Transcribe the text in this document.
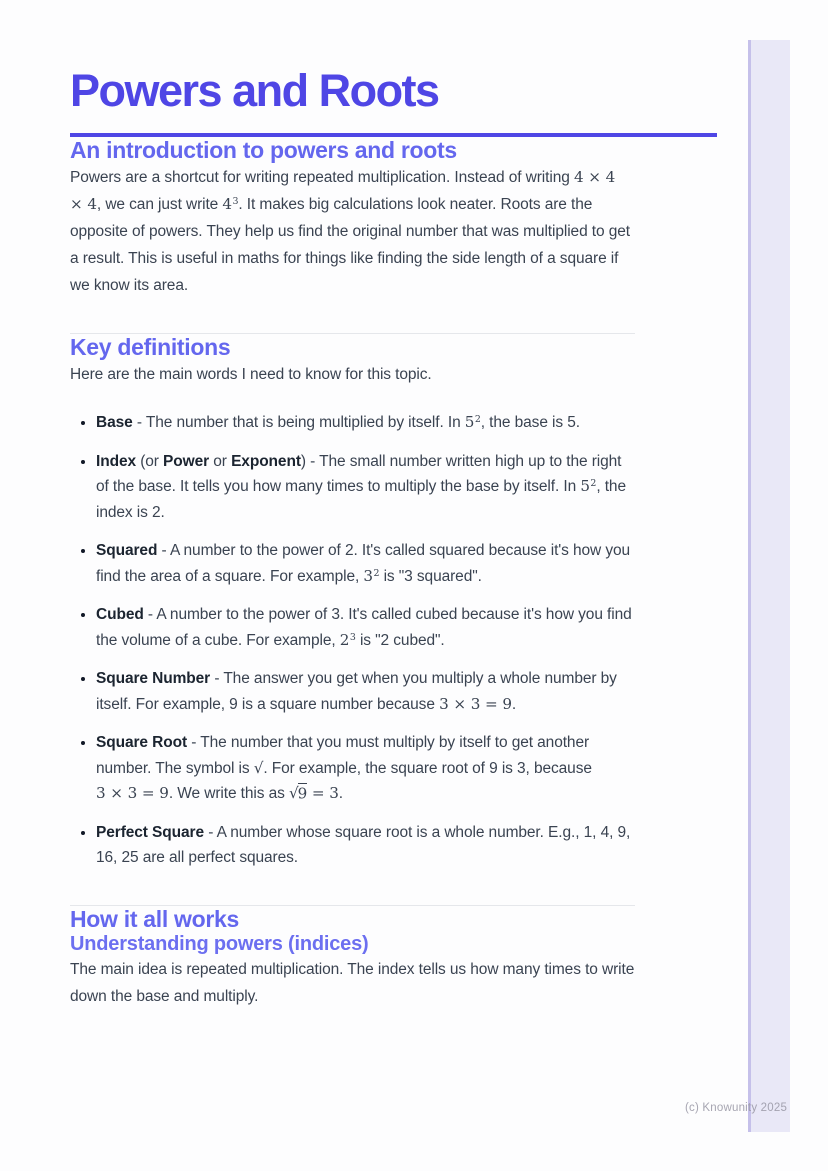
Powers and Roots
An introduction to powers and roots

Powers are a shortcut for writing repeated multiplication. Instead of writing 4 × 4 × 4, we can just write $4^3$. It makes big calculations look neater. Roots are the opposite of powers. They help us find the original number that was multiplied to get a result. This is useful in maths for things like finding the side length of a square if we know its area.

Key definitions

Here are the main words I need to know for this topic.

• Base - The number that is being multiplied by itself. In $5^2$, the base is 5.
• Index (or Power or Exponent) - The small number written high up to the right of the base. It tells you how many times to multiply the base by itself. In $5^2$, the index is 2.
• Squared - A number to the power of 2. It's called squared because it's how you find the area of a square. For example, $3^2$ is "3 squared".
• Cubed - A number to the power of 3. It's called cubed because it's how you find the volume of a cube. For example, $2^3$ is "2 cubed".
• Square Number - The answer you get when you multiply a whole number by itself. For example, 9 is a square number because 3 × 3 = 9.
• Square Root - The number that you must multiply by itself to get another number. The symbol is √. For example, the square root of 9 is 3, because 3 × 3 = 9. We write this as √9 = 3.
• Perfect Square - A number whose square root is a whole number. E.g., 1, 4, 9, 16, 25 are all perfect squares.
How it all works
Understanding powers (indices)

The main idea is repeated multiplication. The index tells us how many times to write down the base and multiply.

(c) Knowunity 2025
